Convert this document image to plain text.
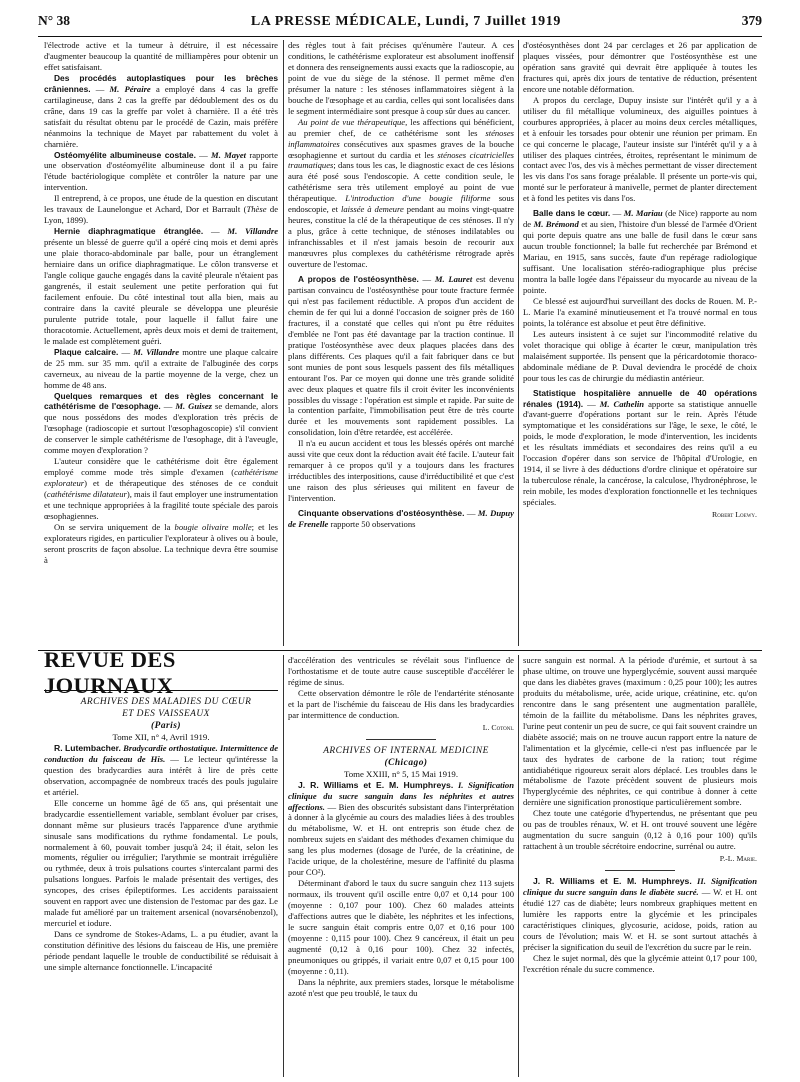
N° 38	LA PRESSE MÉDICALE, Lundi, 7 Juillet 1919	379

l'électrode active et la tumeur à détruire, il est nécessaire d'augmenter beaucoup la quantité de milliampères pour obtenir un effet satisfaisant.

Des procédés autoplastiques pour les brèches crâniennes. — M. Péraire a employé dans 4 cas la greffe cartilagineuse, dans 2 cas la greffe par dédoublement des os du crâne, dans 19 cas la greffe par volet à charnière. Il a été très satisfait du résultat obtenu par le procédé de Cazin, mais préfère néanmoins la technique de Mayet par rabattement du volet à charnière.

Ostéomyélite albumineuse costale. — M. Mayet rapporte une observation d'ostéomyélite albumineuse dont il a pu faire l'étude bactériologique complète et contrôler la nature par une intervention.

Il entreprend, à ce propos, une étude de la question en discutant les travaux de Launelongue et Achard, Dor et Barrault (Thèse de Lyon, 1899).

Hernie diaphragmatique étranglée. — M. Villandre présente un blessé de guerre qu'il a opéré cinq mois et demi après une plaie thoraco-abdominale par balle, pour un étranglement herniaire dans un orifice diaphragmatique. Le côlon transverse et l'angle colique gauche engagés dans la cavité pleurale n'étaient pas gangrenés, il estait seulement une petite perforation qui fut facilement enfouie. Du côté intestinal tout alla bien, mais au contraire dans la cavité pleurale se développa une pleurésie purulente putride totale, pour laquelle il fallut faire une thoracotomie. Actuellement, après deux mois et demi de traitement, le malade est complètement guéri.

Plaque calcaire. — M. Villandre montre une plaque calcaire de 25 mm. sur 35 mm. qu'il a extraite de l'albuginée des corps caverneux, au niveau de la partie moyenne de la verge, chez un homme de 48 ans.

Quelques remarques et des règles concernant le cathétérisme de l'œsophage. — M. Guisez se demande, alors que nous possédons des modes d'exploration très précis de l'œsophage (radioscopie et surtout l'œsophagoscopie) s'il convient de conserver le simple cathétérisme de l'œsophage, dit à l'aveugle, comme moyen d'exploration ?

L'auteur considère que le cathétérisme doit être également employé comme mode très simple d'examen (cathétérisme explorateur) et de thérapeutique des sténoses de ce conduit (cathétérisme dilatateur), mais il faut employer une instrumentation et une technique appropriées à la fragilité toute spéciale des parois œsophagiennes.

On se servira uniquement de la bougie olivaire molle; et les explorateurs rigides, en particulier l'explorateur à olives ou à boule, seront proscrits de façon absolue. La technique devra être soumise à

des règles tout à fait précises qu'énumère l'auteur. A ces conditions, le cathétérisme explorateur est absolument inoffensif et donnera des renseignements aussi exacts que la radioscopie, au point de vue du siège de la sténose. Il permet même d'en présumer la nature : les sténoses inflammatoires siègent à la bouche de l'œsophage et au cardia, celles qui sont localisées dans le segment intermédiaire sont presque à coup sûr dues au cancer.

Au point de vue thérapeutique, les affections qui bénéficient, au premier chef, de ce cathétérisme sont les sténoses inflammatoires consécutives aux spasmes graves de la bouche œsophagienne et surtout du cardia et les sténoses cicatricielles traumatiques; dans tous les cas, le diagnostic exact de ces lésions aura été posé sous l'endoscopie. A cette condition seule, le cathétérisme sera très utilement employé au point de vue thérapeutique. L'introduction d'une bougie filiforme sous endoscopie, et laissée à demeure pendant au moins vingt-quatre heures, constitue la clé de la thérapeutique de ces sténoses. Il n'y a plus, grâce à cette technique, de sténoses indilatables ou infranchissables et il n'est jamais besoin de recourir aux manœuvres plus complexes du cathétérisme rétrograde après ouverture de l'estomac.

A propos de l'ostéosynthèse. — M. Lauret est devenu partisan convaincu de l'ostéosynthèse pour toute fracture fermée qui n'est pas facilement réductible. A propos d'un accident de chemin de fer qui lui a donné l'occasion de soigner près de 160 fractures, il a constaté que celles qui n'ont pu être réduites d'emblée ne l'ont pas été davantage par la traction continue. Il pratique l'ostéosynthèse avec deux plaques placées dans des plans différents. Ces plaques qu'il a fait fabriquer dans ce but sont munies de pont sous lesquels passent des fils métalliques entourant l'os. Par ce moyen qui donne une très grande solidité avec deux plaques et quatre fils il croit éviter les inconvénients possibles du vissage : l'opération est simple et rapide. Par suite de la contention parfaite, l'immobilisation peut être de très courte durée et les mouvements sont rapidement possibles. La consolidation, loin d'être retardée, est accélérée.

Il n'a eu aucun accident et tous les blessés opérés ont marché aussi vite que ceux dont la réduction avait été facile. L'auteur fait remarquer à ce propos qu'il y a toujours dans les fractures irréductibles des interpositions, cause d'irréductibilité et que c'est une raison des plus sérieuses qui militent en faveur de l'intervention.

Cinquante observations d'ostéosynthèse. — M. Dupuy de Frenelle rapporte 50 observations

d'ostéosynthèses dont 24 par cerclages et 26 par application de plaques vissées, pour démontrer que l'ostéosynthèse est une opération sans gravité qui devrait être appliquée à toutes les fractures qui, après dix jours de tentative de réduction, présentent encore une notable déformation.

A propos du cerclage, Dupuy insiste sur l'intérêt qu'il y a à utiliser du fil métallique volumineux, des aiguilles pointues à courbures appropriées, à placer au moins deux cercles métalliques, et à enfouir les torsades pour obtenir une réunion per primam. En ce qui concerne le placage, l'auteur insiste sur l'intérêt qu'il y a à utiliser des plaques cintrées, étroites, représentant le minimum de contact avec l'os, des vis à mèches permettant de visser directement les vis dans l'os sans forage préalable. Il présente un porte-vis qui, monté sur le perforateur à manivelle, permet de planter directement et à fond les petites vis dans l'os.

Balle dans le cœur. — M. Mariau (de Nice) rapporte au nom de M. Brémond et au sien, l'histoire d'un blessé de l'armée d'Orient qui porte depuis quatre ans une balle de fusil dans le cœur sans aucun trouble fonctionnel; la balle fut recherchée par Brémond et Mariau, en 1915, sans succès, faute d'un repérage radiologique suffisant. Une localisation stéréo-radiographique plus précise montra la balle logée dans l'épaisseur du myocarde au niveau de la pointe.

Ce blessé est aujourd'hui surveillant des docks de Rouen. M. P.-L. Marie l'a examiné minutieusement et l'a trouvé normal en tous points, la tolérance est absolue et peut être définitive.

Les auteurs insistent à ce sujet sur l'incommodité relative du volet thoracique qui oblige à écarter le cœur, manipulation très malaisément supportée. Ils pensent que la péricardotomie thoraco-abdominale médiane de P. Duval deviendra le procédé de choix pour tous les cas de chirurgie du médiastin antérieur.

Statistique hospitalière annuelle de 40 opérations rénales (1914). — M. Cathelin apporte sa statistique annuelle d'avant-guerre d'opérations portant sur le rein. Après l'étude symptomatique et les considérations sur l'âge, le sexe, le côté, le poids, le mode d'exploration, le mode d'intervention, les incidents et les résultats immédiats et secondaires des reins qu'il a eu l'occasion d'opérer dans son service de l'hôpital d'Urologie, en 1914, il se livre à des déductions d'ordre clinique et opératoire sur la tuberculose rénale, la cancérose, la calculose, l'hydronéphrose, le rein mobile, les modes d'exploration fonctionnelle et les techniques spéciales.

Robert Loewy.
REVUE DES JOURNAUX

ARCHIVES DES MALADIES DU CŒUR

ET DES VAISSEAUX

(Paris)

Tome XII, n° 4, Avril 1919.

R. Lutembacher. Bradycardie orthostatique. Intermittence de conduction du faisceau de His. — Le lecteur qu'intéresse la question des bradycardies aura intérêt à lire de près cette observation, accompagnée de nombreux tracés des pouls jugulaire et artériel.

Elle concerne un homme âgé de 65 ans, qui présentait une bradycardie essentiellement variable, semblant évoluer par crises, donnant même sur plusieurs tracés l'apparence d'une arythmie sinusale sans modifications du rythme fondamental. Le pouls, normalement à 60, pouvait tomber jusqu'à 24; il était, selon les moments, régulier ou irrégulier; l'arythmie se montrait irrégulière ou rythmée, deux à trois pulsations courtes s'intercalant parmi des pulsations longues. Parfois le malade présentait des vertiges, des syncopes, des crises épileptiformes. Les accidents paraissaient souvent en rapport avec une distension de l'estomac par des gaz. Le malade fut amélioré par un traitement arsenical (novarsénobenzol), mercuriel et iodure.

Dans ce syndrome de Stokes-Adams, L. a pu étudier, avant la constitution définitive des lésions du faisceau de His, une première période pendant laquelle le trouble de conductibilité se réduisait à une simple alternance fonctionnelle. L'incapacité

d'accélération des ventricules se révélait sous l'influence de l'orthostatisme et de toute autre cause susceptible d'accélérer le régime de sinus.

Cette observation démontre le rôle de l'endartérite sténosante et la part de l'ischémie du faisceau de His dans les bradycardies par intermittence de conduction.

L. Cotoni.

ARCHIVES OF INTERNAL MEDICINE

(Chicago)

Tome XXIII, n° 5, 15 Mai 1919.

J. R. Williams et E. M. Humphreys. I. Signification clinique du sucre sanguin dans les néphrites et autres affections. — Bien des obscurités subsistant dans l'interprétation à donner à la glycémie au cours des maladies liées à des troubles du métabolisme, W. et H. ont entrepris son étude chez de nombreux sujets en s'aidant des méthodes d'examen chimique du sang les plus modernes (dosage de l'urée, de la créatinine, de l'acide urique, de la cholestérine, mesure de l'affinité du plasma pour CO²).

Déterminant d'abord le taux du sucre sanguin chez 113 sujets normaux, ils trouvent qu'il oscille entre 0,07 et 0,14 pour 100 (moyenne : 0,107 pour 100). Chez 60 malades atteints d'affections autres que le diabète, les néphrites et les infections, le sucre sanguin était compris entre 0,07 et 0,16 pour 100 (moyenne : 0,115 pour 100). Chez 9 cancéreux, il était un peu augmenté (0,12 à 0,16 pour 100). Chez 32 infectés, pneumoniques ou grippés, il variait entre 0,07 et 0,15 pour 100 (moyenne : 0,11).

Dans la néphrite, aux premiers stades, lorsque le métabolisme azoté n'est que peu troublé, le taux du

sucre sanguin est normal. A la période d'urémie, et surtout à sa phase ultime, on trouve une hyperglycémie, souvent aussi marquée que dans les diabètes graves (maximum : 0,25 pour 100); les autres produits du métabolisme, urée, acide urique, créatinine, etc. qu'on rencontre dans le sang présentent une augmentation parallèle, témoin de la faillite du métabolisme. Dans les néphrites graves, l'urine peut contenir un peu de sucre, ce qui fait souvent craindre un diabète associé; mais on ne trouve aucun rapport entre la nature de l'alimentation et la glycémie, celle-ci n'est pas influencée par le taux des hydrates de carbone de la ration; tout régime antidiabétique rigoureux serait alors déplacé. Les troubles dans le métabolisme de l'azote précèdent souvent de plusieurs mois l'hyperglycémie des néphrites, ce qui contribue à donner à cette dernière une signification pronostique particulièrement sombre.

Chez toute une catégorie d'hypertendus, ne présentant que peu ou pas de troubles rénaux, W. et H. ont trouvé souvent une légère augmentation du sucre sanguin (0,12 à 0,16 pour 100) qu'ils rattachent à un trouble sécrétoire endocrine, surrénal ou autre.

P.-L. Marie.

J. R. Williams et E. M. Humphreys. II. Signification clinique du sucre sanguin dans le diabète sucré. — W. et H. ont étudié 127 cas de diabète; leurs nombreux graphiques mettent en lumière les rapports entre la glycémie et les principales caractéristiques cliniques, glycosurie, acidose, poids, ration au cours de l'évolution; mais W. et H. se sont surtout attachés à préciser la signification du seuil de l'excrétion du sucre par le rein.

Chez le sujet normal, dès que la glycémie atteint 0,17 pour 100, l'excrétion rénale du sucre commence.
